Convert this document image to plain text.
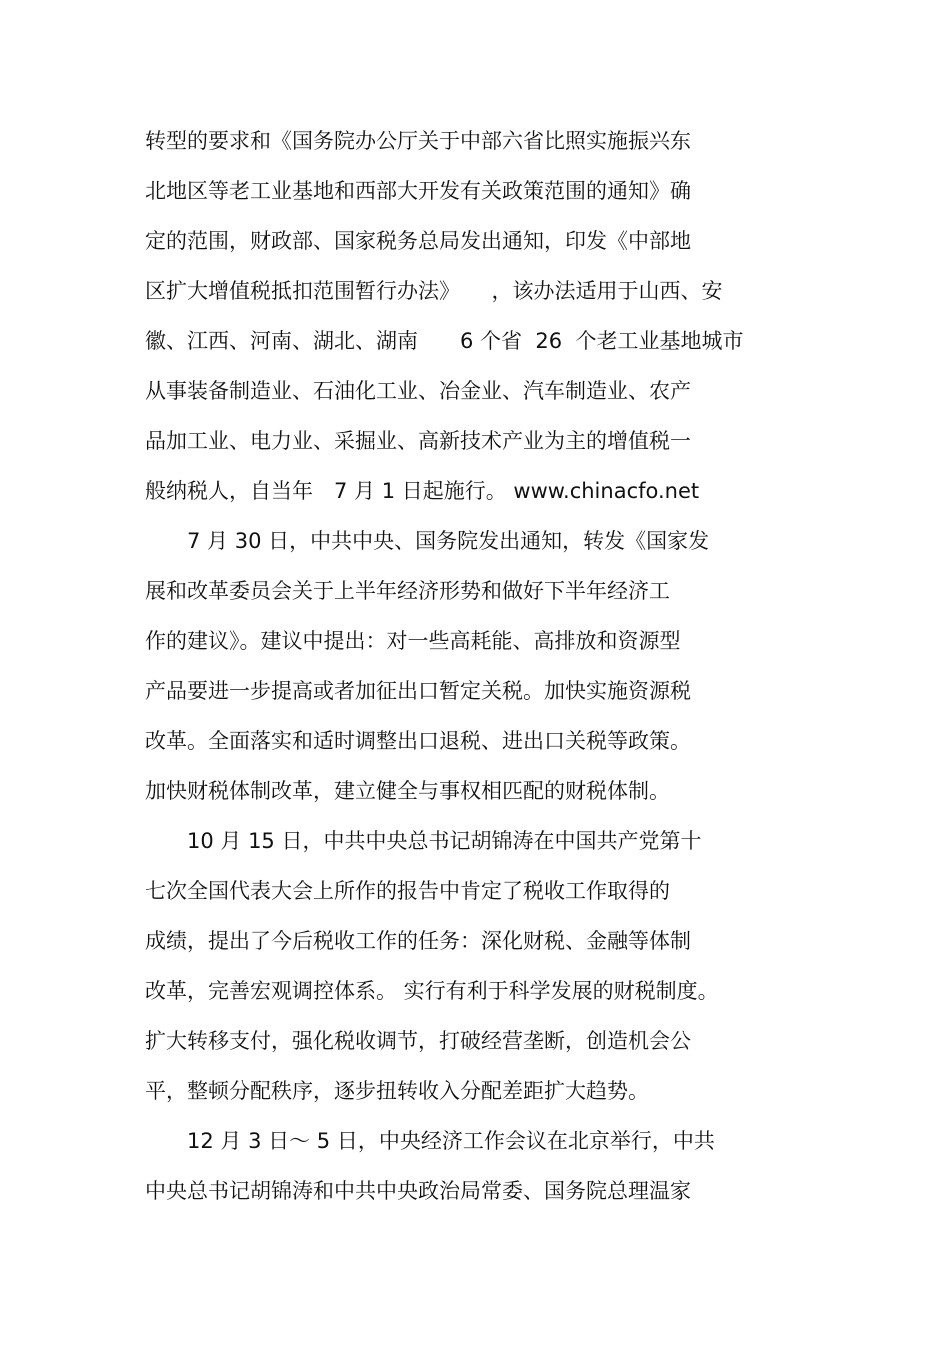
转型的要求和《国务院办公厅关于中部六省比照实施振兴东
北地区等老工业基地和西部大开发有关政策范围的通知》确
定的范围，财政部、国家税务总局发出通知，印发《中部地
区扩大增值税抵扣范围暂行办法》　　，该办法适用于山西、安
徽、江西、河南、湖北、湖南　　6 个省  26  个老工业基地城市
从事装备制造业、石油化工业、冶金业、汽车制造业、农产
品加工业、电力业、采掘业、高新技术产业为主的增值税一
般纳税人，自当年　7 月 1 日起施行。 www.chinacfo.net
　　7 月 30 日，中共中央、国务院发出通知，转发《国家发
展和改革委员会关于上半年经济形势和做好下半年经济工
作的建议》。建议中提出：对一些高耗能、高排放和资源型
产品要进一步提高或者加征出口暂定关税。加快实施资源税
改革。全面落实和适时调整出口退税、进出口关税等政策。
加快财税体制改革，建立健全与事权相匹配的财税体制。
　　10 月 15 日，中共中央总书记胡锦涛在中国共产党第十
七次全国代表大会上所作的报告中肯定了税收工作取得的
成绩，提出了今后税收工作的任务：深化财税、金融等体制
改革，完善宏观调控体系。 实行有利于科学发展的财税制度。
扩大转移支付，强化税收调节，打破经营垄断，创造机会公
平，整顿分配秩序，逐步扭转收入分配差距扩大趋势。
　　12 月 3 日～ 5 日，中央经济工作会议在北京举行，中共
中央总书记胡锦涛和中共中央政治局常委、国务院总理温家
